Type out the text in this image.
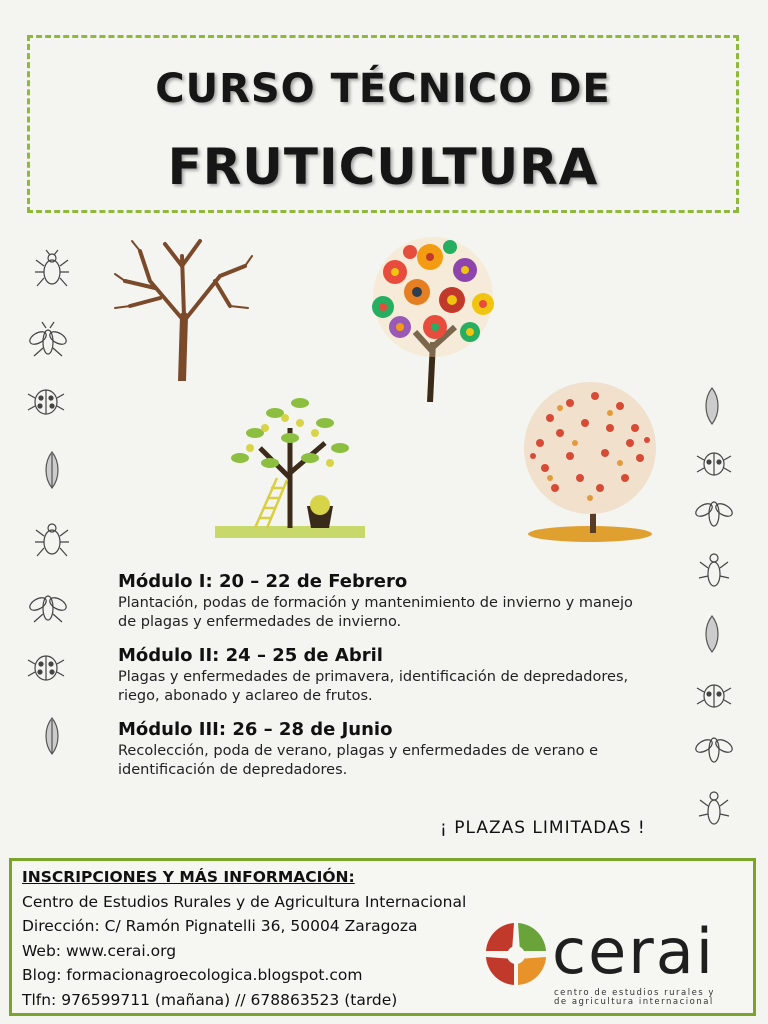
CURSO TÉCNICO DE
FRUTICULTURA
Módulo I: 20 – 22 de Febrero
Plantación, podas de formación y mantenimiento de invierno y manejo
de plagas y enfermedades de invierno.
Módulo II: 24 – 25 de Abril
Plagas y enfermedades de primavera, identificación de depredadores,
riego, abonado y aclareo de frutos.
Módulo III: 26 – 28 de Junio
Recolección, poda de verano, plagas y enfermedades de verano e
identificación de depredadores.
¡ PLAZAS LIMITADAS !
INSCRIPCIONES Y MÁS INFORMACIÓN:
Centro de Estudios Rurales y de Agricultura Internacional
Dirección: C/ Ramón Pignatelli 36, 50004 Zaragoza
Web: www.cerai.org
Blog: formacionagroecologica.blogspot.com
Tlfn: 976599711 (mañana) // 678863523 (tarde)
cerai
centro de estudios rurales y
de agricultura internacional
